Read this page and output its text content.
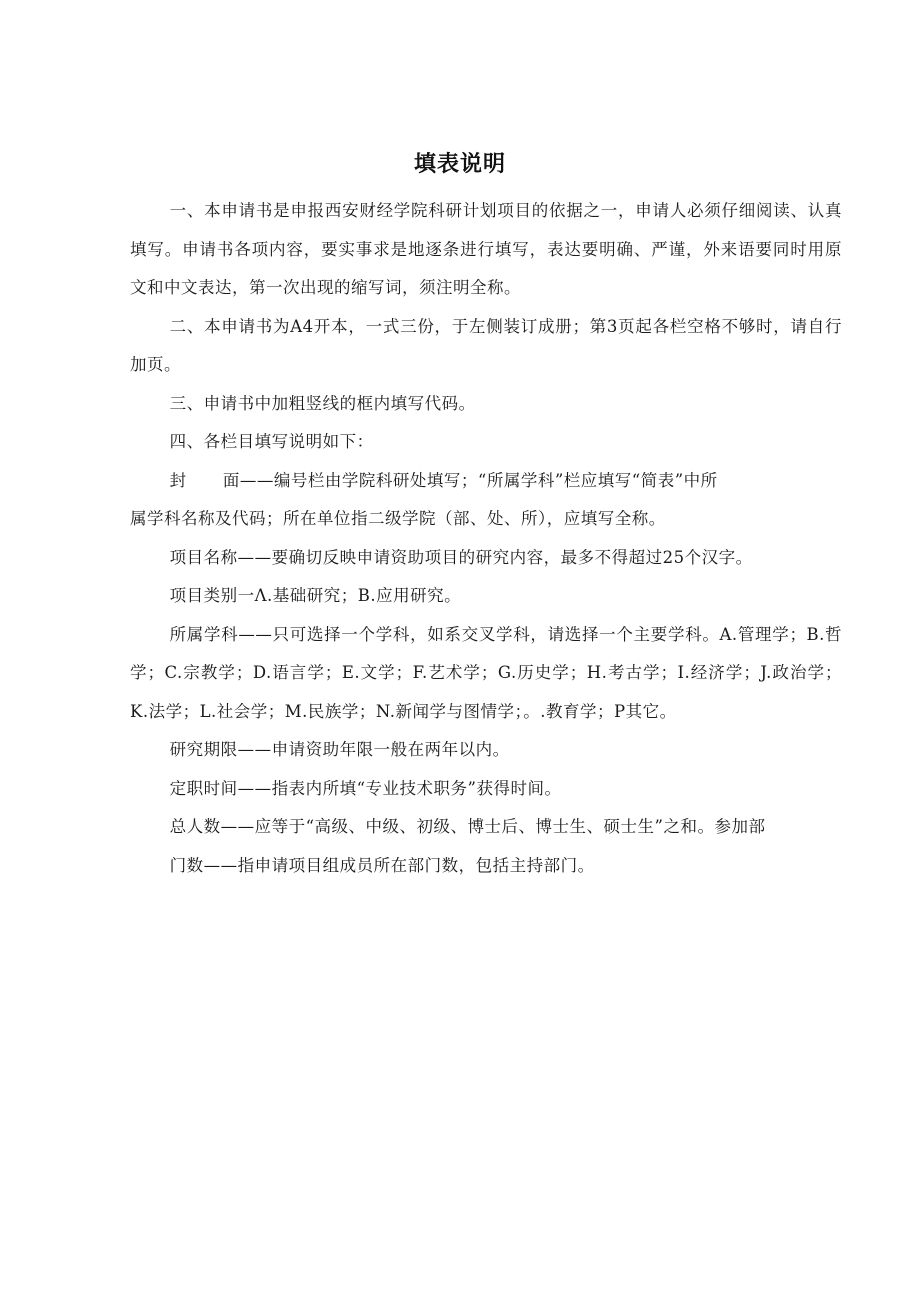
填表说明

一、本申请书是申报西安财经学院科研计划项目的依据之一，申请人必须仔细阅读、认真填写。申请书各项内容，要实事求是地逐条进行填写，表达要明确、严谨，外来语要同时用原文和中文表达，第一次出现的缩写词，须注明全称。

二、本申请书为A4开本，一式三份，于左侧装订成册；第3页起各栏空格不够时，请自行加页。

三、申请书中加粗竖线的框内填写代码。

四、各栏目填写说明如下：

封 面——编号栏由学院科研处填写；“所属学科”栏应填写“简表”中所

属学科名称及代码；所在单位指二级学院（部、处、所），应填写全称。

项目名称——要确切反映申请资助项目的研究内容，最多不得超过25个汉字。

项目类别一Λ.基础研究；B.应用研究。

所属学科——只可选择一个学科，如系交叉学科，请选择一个主要学科。A.管理学；B.哲学；C.宗教学；D.语言学；E.文学；F.艺术学；G.历史学；H.考古学；I.经济学；J.政治学；K.法学；L.社会学；M.民族学；N.新闻学与图情学；。.教育学；P其它。

研究期限——申请资助年限一般在两年以内。

定职时间——指表内所填“专业技术职务”获得时间。

总人数——应等于“高级、中级、初级、博士后、博士生、硕士生”之和。参加部

门数——指申请项目组成员所在部门数，包括主持部门。
